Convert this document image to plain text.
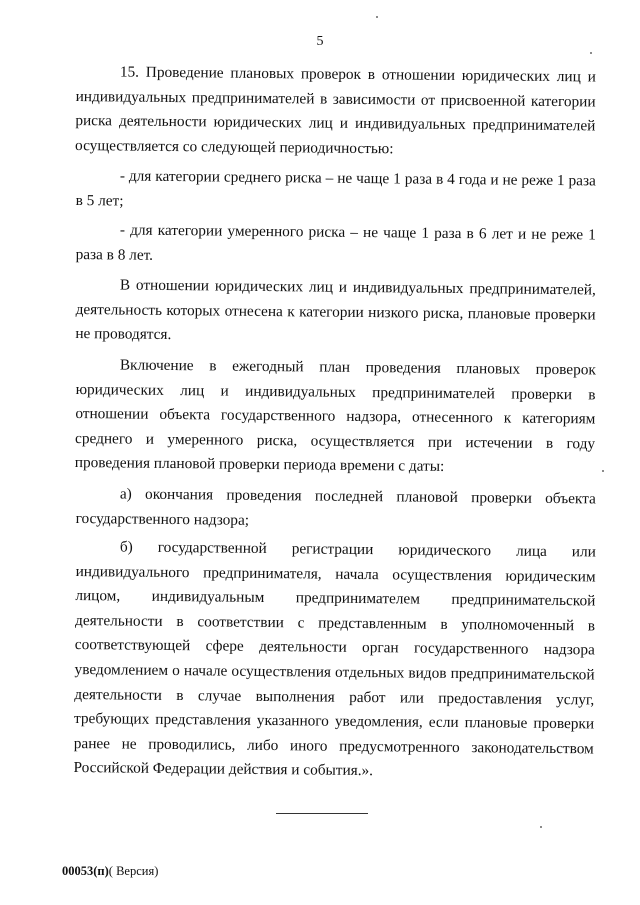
5

15. Проведение плановых проверок в отношении юридических лиц и индивидуальных предпринимателей в зависимости от присвоенной категории риска деятельности юридических лиц и индивидуальных предпринимателей осуществляется со следующей периодичностью:

- для категории среднего риска – не чаще 1 раза в 4 года и не реже 1 раза в 5 лет;

- для категории умеренного риска – не чаще 1 раза в 6 лет и не реже 1 раза в 8 лет.

В отношении юридических лиц и индивидуальных предпринимателей, деятельность которых отнесена к категории низкого риска, плановые проверки не проводятся.

Включение в ежегодный план проведения плановых проверок юридических лиц и индивидуальных предпринимателей проверки в отношении объекта государственного надзора, отнесенного к категориям среднего и умеренного риска, осуществляется при истечении в году проведения плановой проверки периода времени с даты:

а) окончания проведения последней плановой проверки объекта государственного надзора;

б) государственной регистрации юридического лица или индивидуального предпринимателя, начала осуществления юридическим лицом, индивидуальным предпринимателем предпринимательской деятельности в соответствии с представленным в уполномоченный в соответствующей сфере деятельности орган государственного надзора уведомлением о начале осуществления отдельных видов предпринимательской деятельности в случае выполнения работ или предоставления услуг, требующих представления указанного уведомления, если плановые проверки ранее не проводились, либо иного предусмотренного законодательством Российской Федерации действия и события.».

00053(п)( Версия)
